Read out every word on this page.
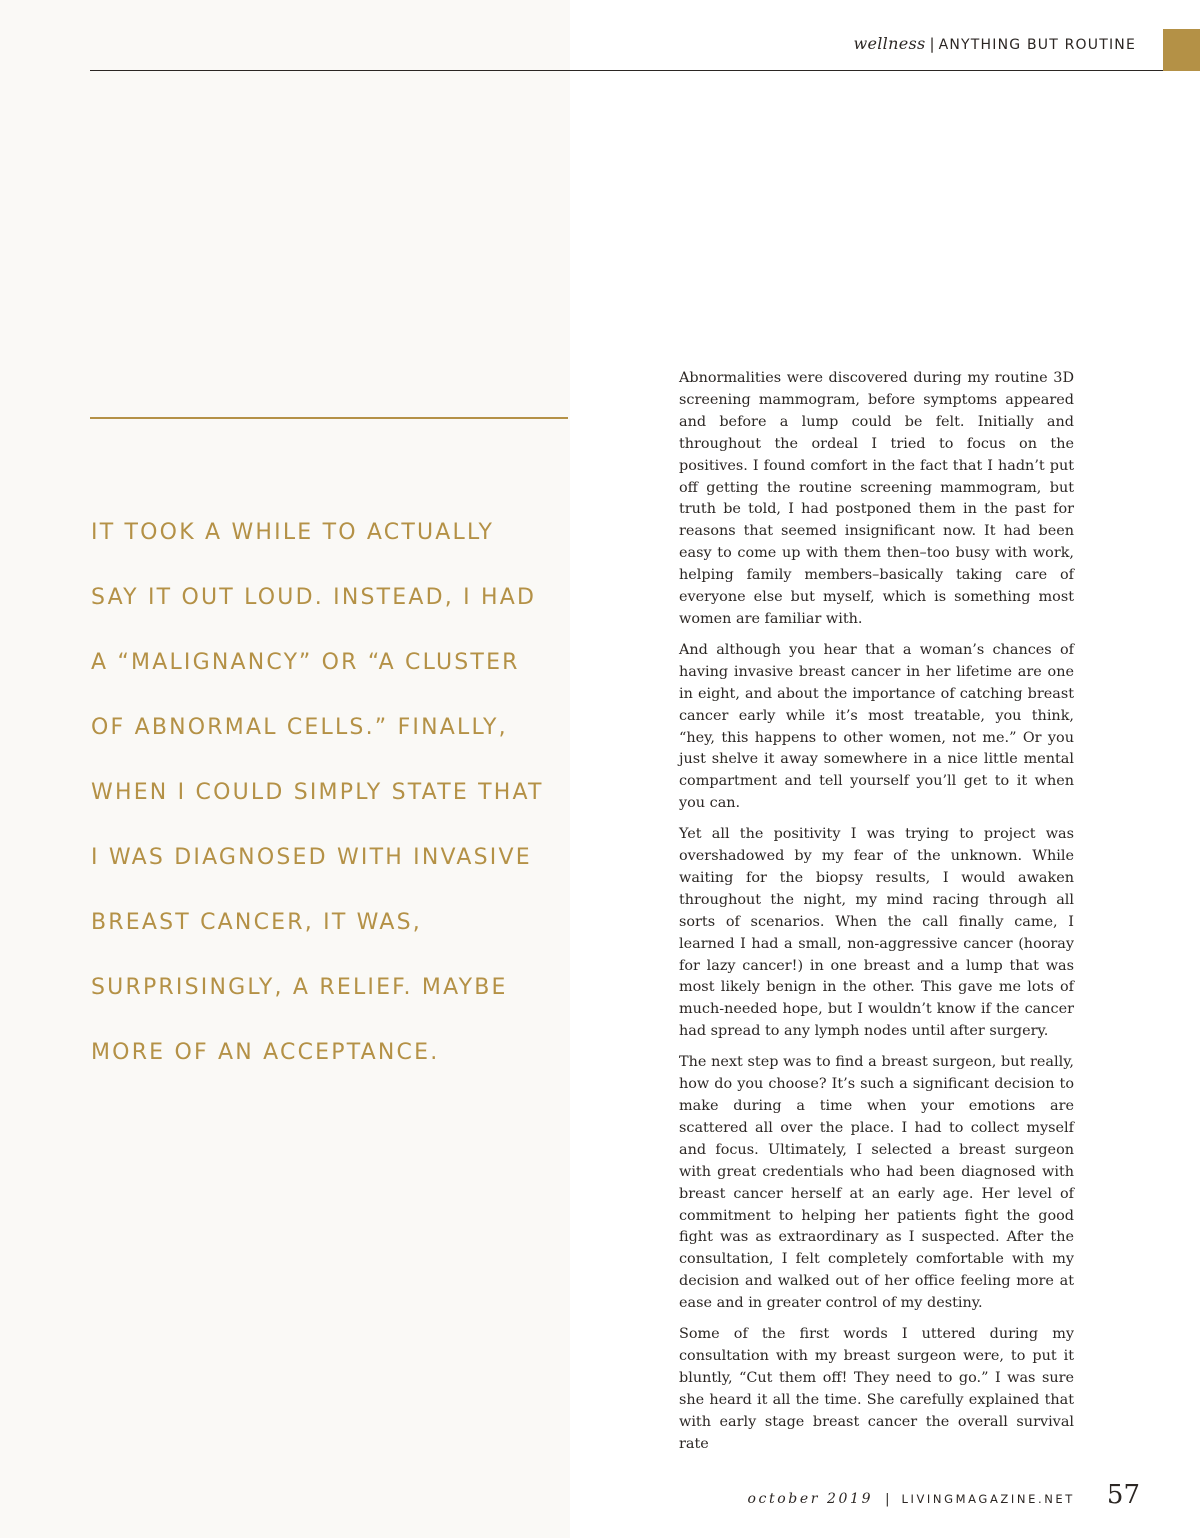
wellness | ANYTHING BUT ROUTINE

IT TOOK A WHILE TO ACTUALLY SAY IT OUT LOUD. INSTEAD, I HAD A “MALIGNANCY” OR “A CLUSTER OF ABNORMAL CELLS.” FINALLY, WHEN I COULD SIMPLY STATE THAT I WAS DIAGNOSED WITH INVASIVE BREAST CANCER, IT WAS, SURPRISINGLY, A RELIEF. MAYBE MORE OF AN ACCEPTANCE.

Abnormalities were discovered during my routine 3D screening mammogram, before symptoms appeared and before a lump could be felt. Initially and throughout the ordeal I tried to focus on the positives. I found comfort in the fact that I hadn’t put off getting the routine screening mammogram, but truth be told, I had postponed them in the past for reasons that seemed insignificant now. It had been easy to come up with them then–too busy with work, helping family members–basically taking care of everyone else but myself, which is something most women are familiar with.

And although you hear that a woman’s chances of having invasive breast cancer in her lifetime are one in eight, and about the importance of catching breast cancer early while it’s most treatable, you think, “hey, this happens to other women, not me.” Or you just shelve it away somewhere in a nice little mental compartment and tell yourself you’ll get to it when you can.

Yet all the positivity I was trying to project was overshadowed by my fear of the unknown. While waiting for the biopsy results, I would awaken throughout the night, my mind racing through all sorts of scenarios. When the call finally came, I learned I had a small, non-aggressive cancer (hooray for lazy cancer!) in one breast and a lump that was most likely benign in the other. This gave me lots of much-needed hope, but I wouldn’t know if the cancer had spread to any lymph nodes until after surgery.

The next step was to find a breast surgeon, but really, how do you choose? It’s such a significant decision to make during a time when your emotions are scattered all over the place. I had to collect myself and focus. Ultimately, I selected a breast surgeon with great credentials who had been diagnosed with breast cancer herself at an early age. Her level of commitment to helping her patients fight the good fight was as extraordinary as I suspected. After the consultation, I felt completely comfortable with my decision and walked out of her office feeling more at ease and in greater control of my destiny.

Some of the first words I uttered during my consultation with my breast surgeon were, to put it bluntly, “Cut them off! They need to go.” I was sure she heard it all the time. She carefully explained that with early stage breast cancer the overall survival rate

october 2019 | LIVINGMAGAZINE.NET 57
